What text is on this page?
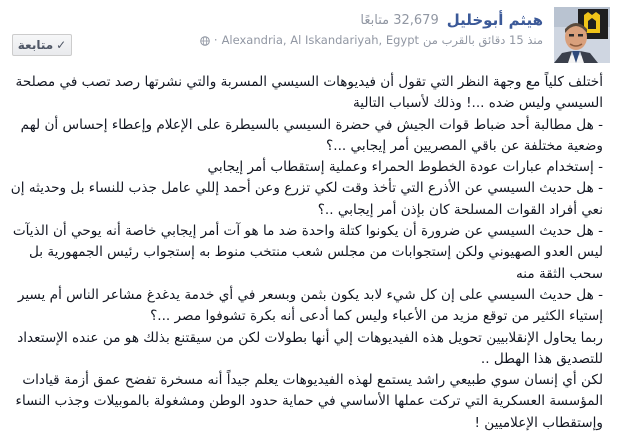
هيثم أبوخليل
32,679 متابعًا
منذ 15 دقائق بالقرب من
Alexandria, Al Iskandariyah, Egypt
·
✓
متابعة

أختلف كلياً مع وجهة النظر التي تقول أن فيديوهات السيسي المسربة والتي نشرتها رصد تصب في مصلحة السيسي وليس ضده ...! وذلك لأسباب التالية

- هل مطالبة أحد ضباط قوات الجيش في حضرة السيسي بالسيطرة على الإعلام وإعطاء إحساس أن لهم وضعية مختلفة عن باقي المصريين أمر إيجابي ...؟

- إستخدام عبارات عودة الخطوط الحمراء وعملية إستقطاب أمر إيجابي

- هل حديث السيسي عن الأذرع التي تأخذ وقت لكي تزرع وعن أحمد إللي عامل جذب للنساء بل وحديثه إن نعي أفراد القوات المسلحة كان بإذن أمر إيجابي ..؟

- هل حديث السيسي عن ضرورة أن يكونوا كتلة واحدة ضد ما هو آت أمر إيجابي خاصة أنه يوحي أن الذيآت ليس العدو الصهيوني ولكن إستجوابات من مجلس شعب منتخب منوط به إستجواب رئيس الجمهورية بل سحب الثقة منه

- هل حديث السيسي على إن كل شيء لابد يكون بثمن وبسعر في أي خدمة يدغدغ مشاعر الناس أم يسير إستياء الكثير من توقع مزيد من الأعباء وليس كما أدعى أنه بكرة تشوفوا مصر ...؟

ربما يحاول الإنقلابيين تحويل هذه الفيديوهات إلي أنها بطولات لكن من سيقتنع بذلك هو من عنده الإستعداد للتصديق هذا الهطل ..

لكن أي إنسان سوي طبيعي راشد يستمع لهذه الفيديوهات يعلم جيداً أنه مسخرة تفضح عمق أزمة قيادات المؤسسة العسكرية التي تركت عملها الأساسي في حماية حدود الوطن ومشغولة بالموبيلات وجذب النساء وإستقطاب الإعلاميين !
